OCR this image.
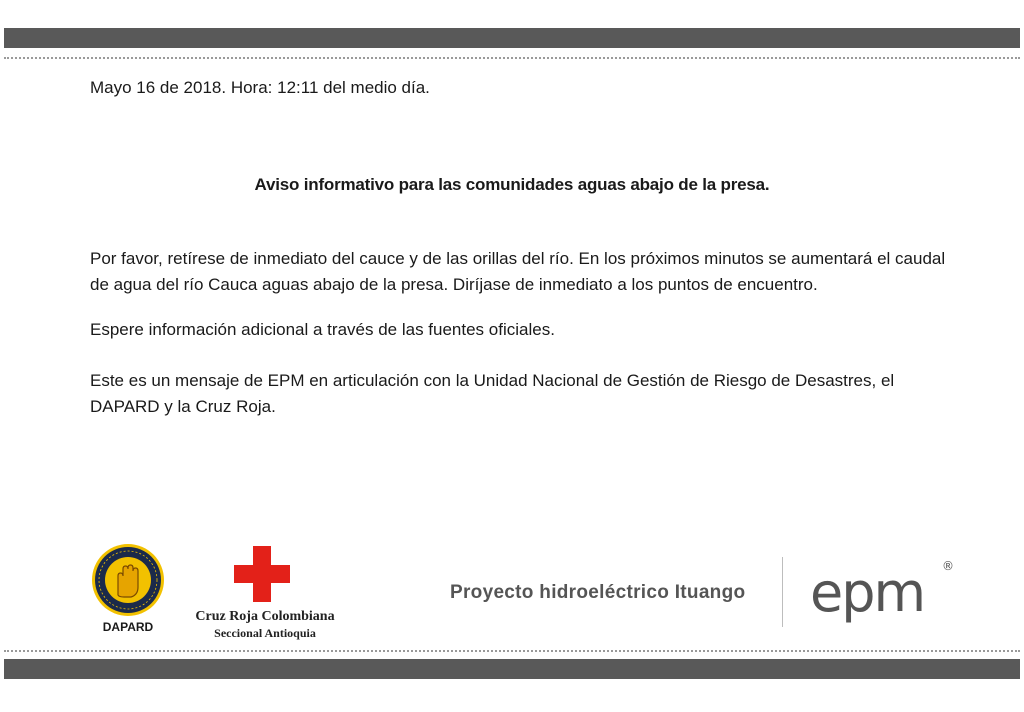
Mayo 16 de 2018. Hora: 12:11 del medio día.
Aviso informativo para las comunidades aguas abajo de la presa.

Por favor, retírese de inmediato del cauce y de las orillas del río. En los próximos minutos se aumentará el caudal de agua del río Cauca aguas abajo de la presa. Diríjase de inmediato a los puntos de encuentro.

Espere información adicional a través de las fuentes oficiales.

Este es un mensaje de EPM en articulación con la Unidad Nacional de Gestión de Riesgo de Desastres, el DAPARD y la Cruz Roja.

DAPARD
Cruz Roja Colombiana
Seccional Antioquia
Proyecto hidroeléctrico Ituango epm ®
